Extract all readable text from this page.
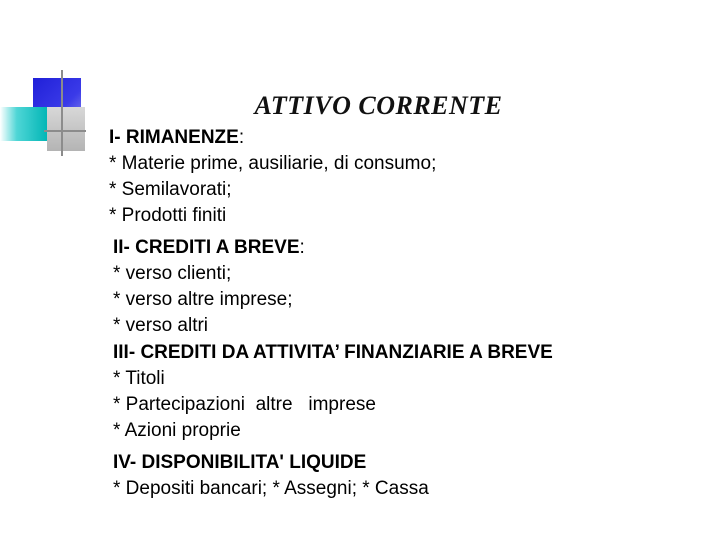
ATTIVO CORRENTE
I- RIMANENZE:
* Materie prime, ausiliarie, di consumo;
* Semilavorati;
* Prodotti finiti
II- CREDITI A BREVE:
* verso clienti;
* verso altre imprese;
* verso altri
III- CREDITI DA ATTIVITA’ FINANZIARIE A BREVE
* Titoli
* Partecipazioni  altre   imprese
* Azioni proprie
IV- DISPONIBILITA' LIQUIDE
* Depositi bancari; * Assegni; * Cassa
